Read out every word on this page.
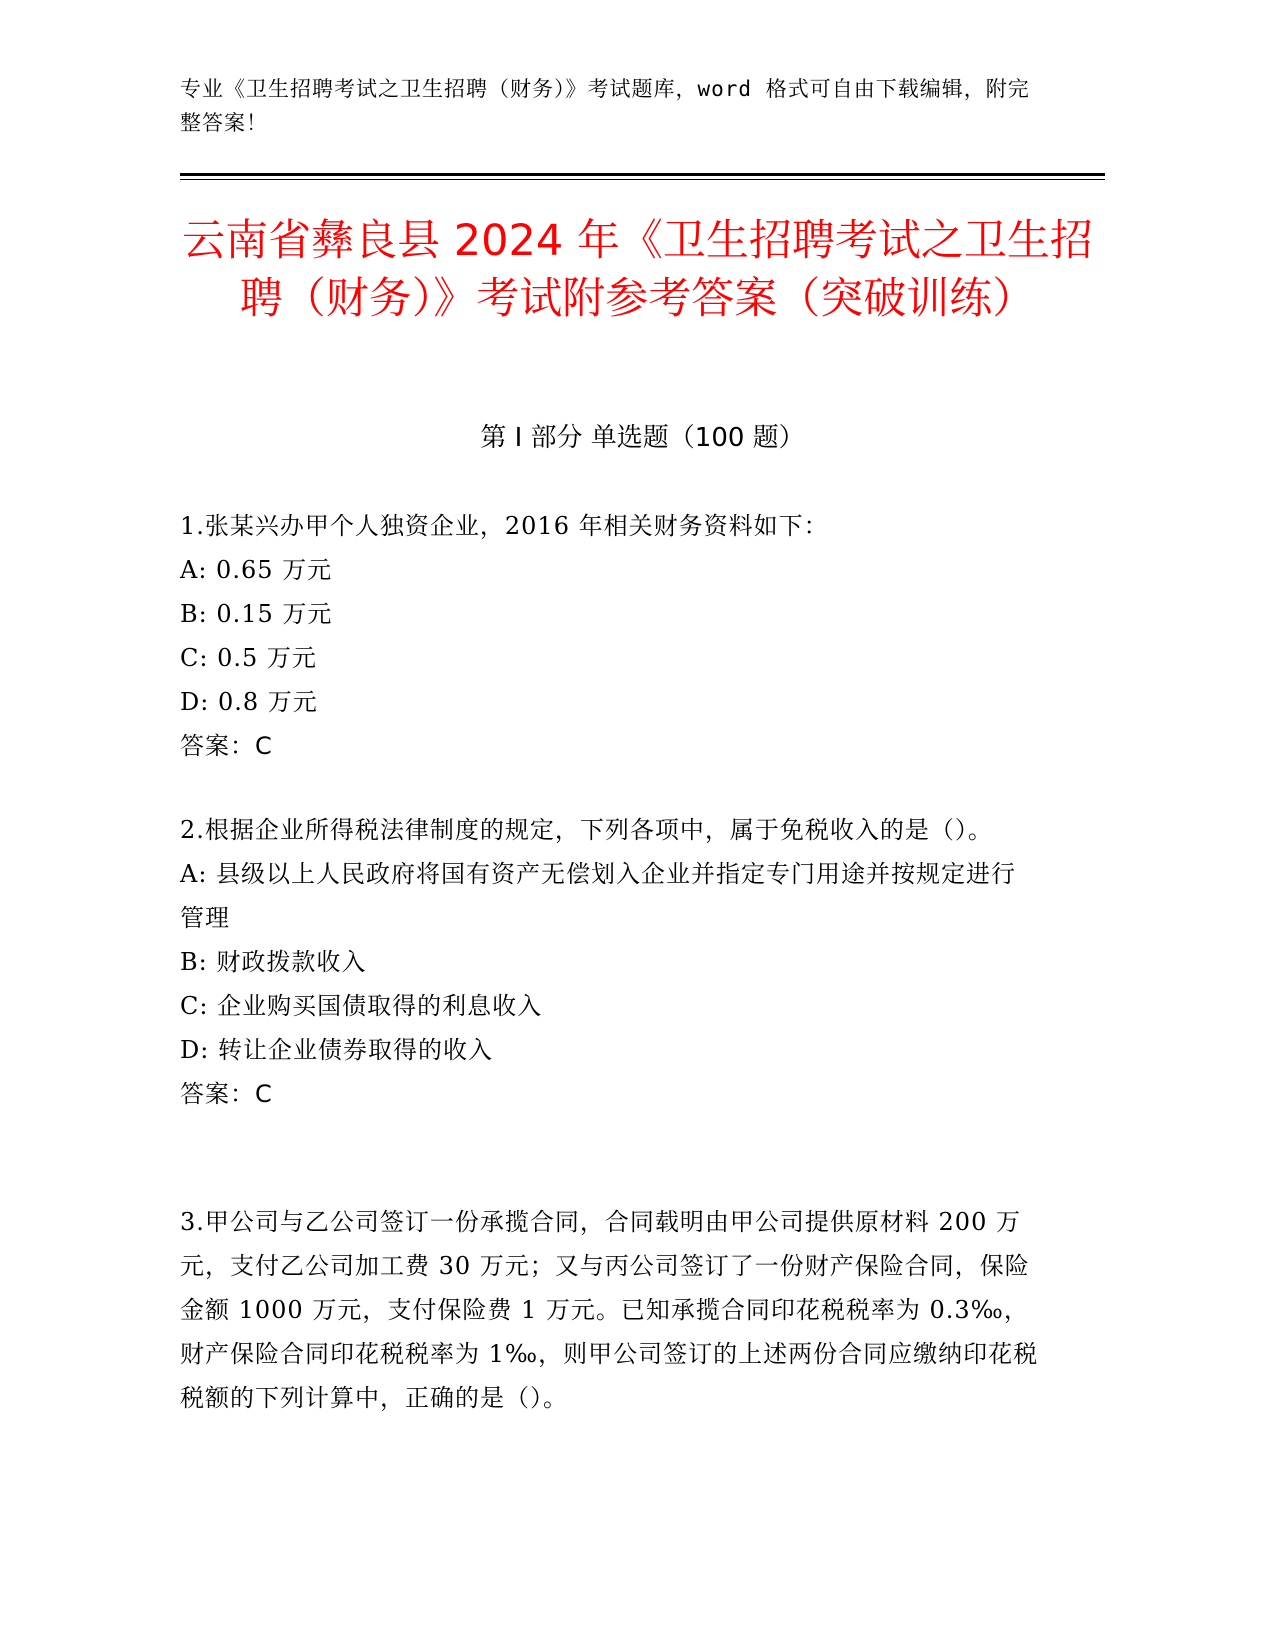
专业《卫生招聘考试之卫生招聘（财务）》考试题库，word 格式可自由下载编辑，附完整答案！
云南省彝良县 2024 年《卫生招聘考试之卫生招聘（财务）》考试附参考答案（突破训练）
第 I 部分 单选题（100 题）
1.张某兴办甲个人独资企业，2016 年相关财务资料如下：
A: 0.65 万元
B: 0.15 万元
C: 0.5 万元
D: 0.8 万元
答案：C
2.根据企业所得税法律制度的规定，下列各项中，属于免税收入的是（）。
A: 县级以上人民政府将国有资产无偿划入企业并指定专门用途并按规定进行管理
B: 财政拨款收入
C: 企业购买国债取得的利息收入
D: 转让企业债券取得的收入
答案：C
3.甲公司与乙公司签订一份承揽合同，合同载明由甲公司提供原材料 200 万元，支付乙公司加工费 30 万元；又与丙公司签订了一份财产保险合同，保险金额 1000 万元，支付保险费 1 万元。已知承揽合同印花税税率为 0.3‰，财产保险合同印花税税率为 1‰，则甲公司签订的上述两份合同应缴纳印花税税额的下列计算中，正确的是（）。
